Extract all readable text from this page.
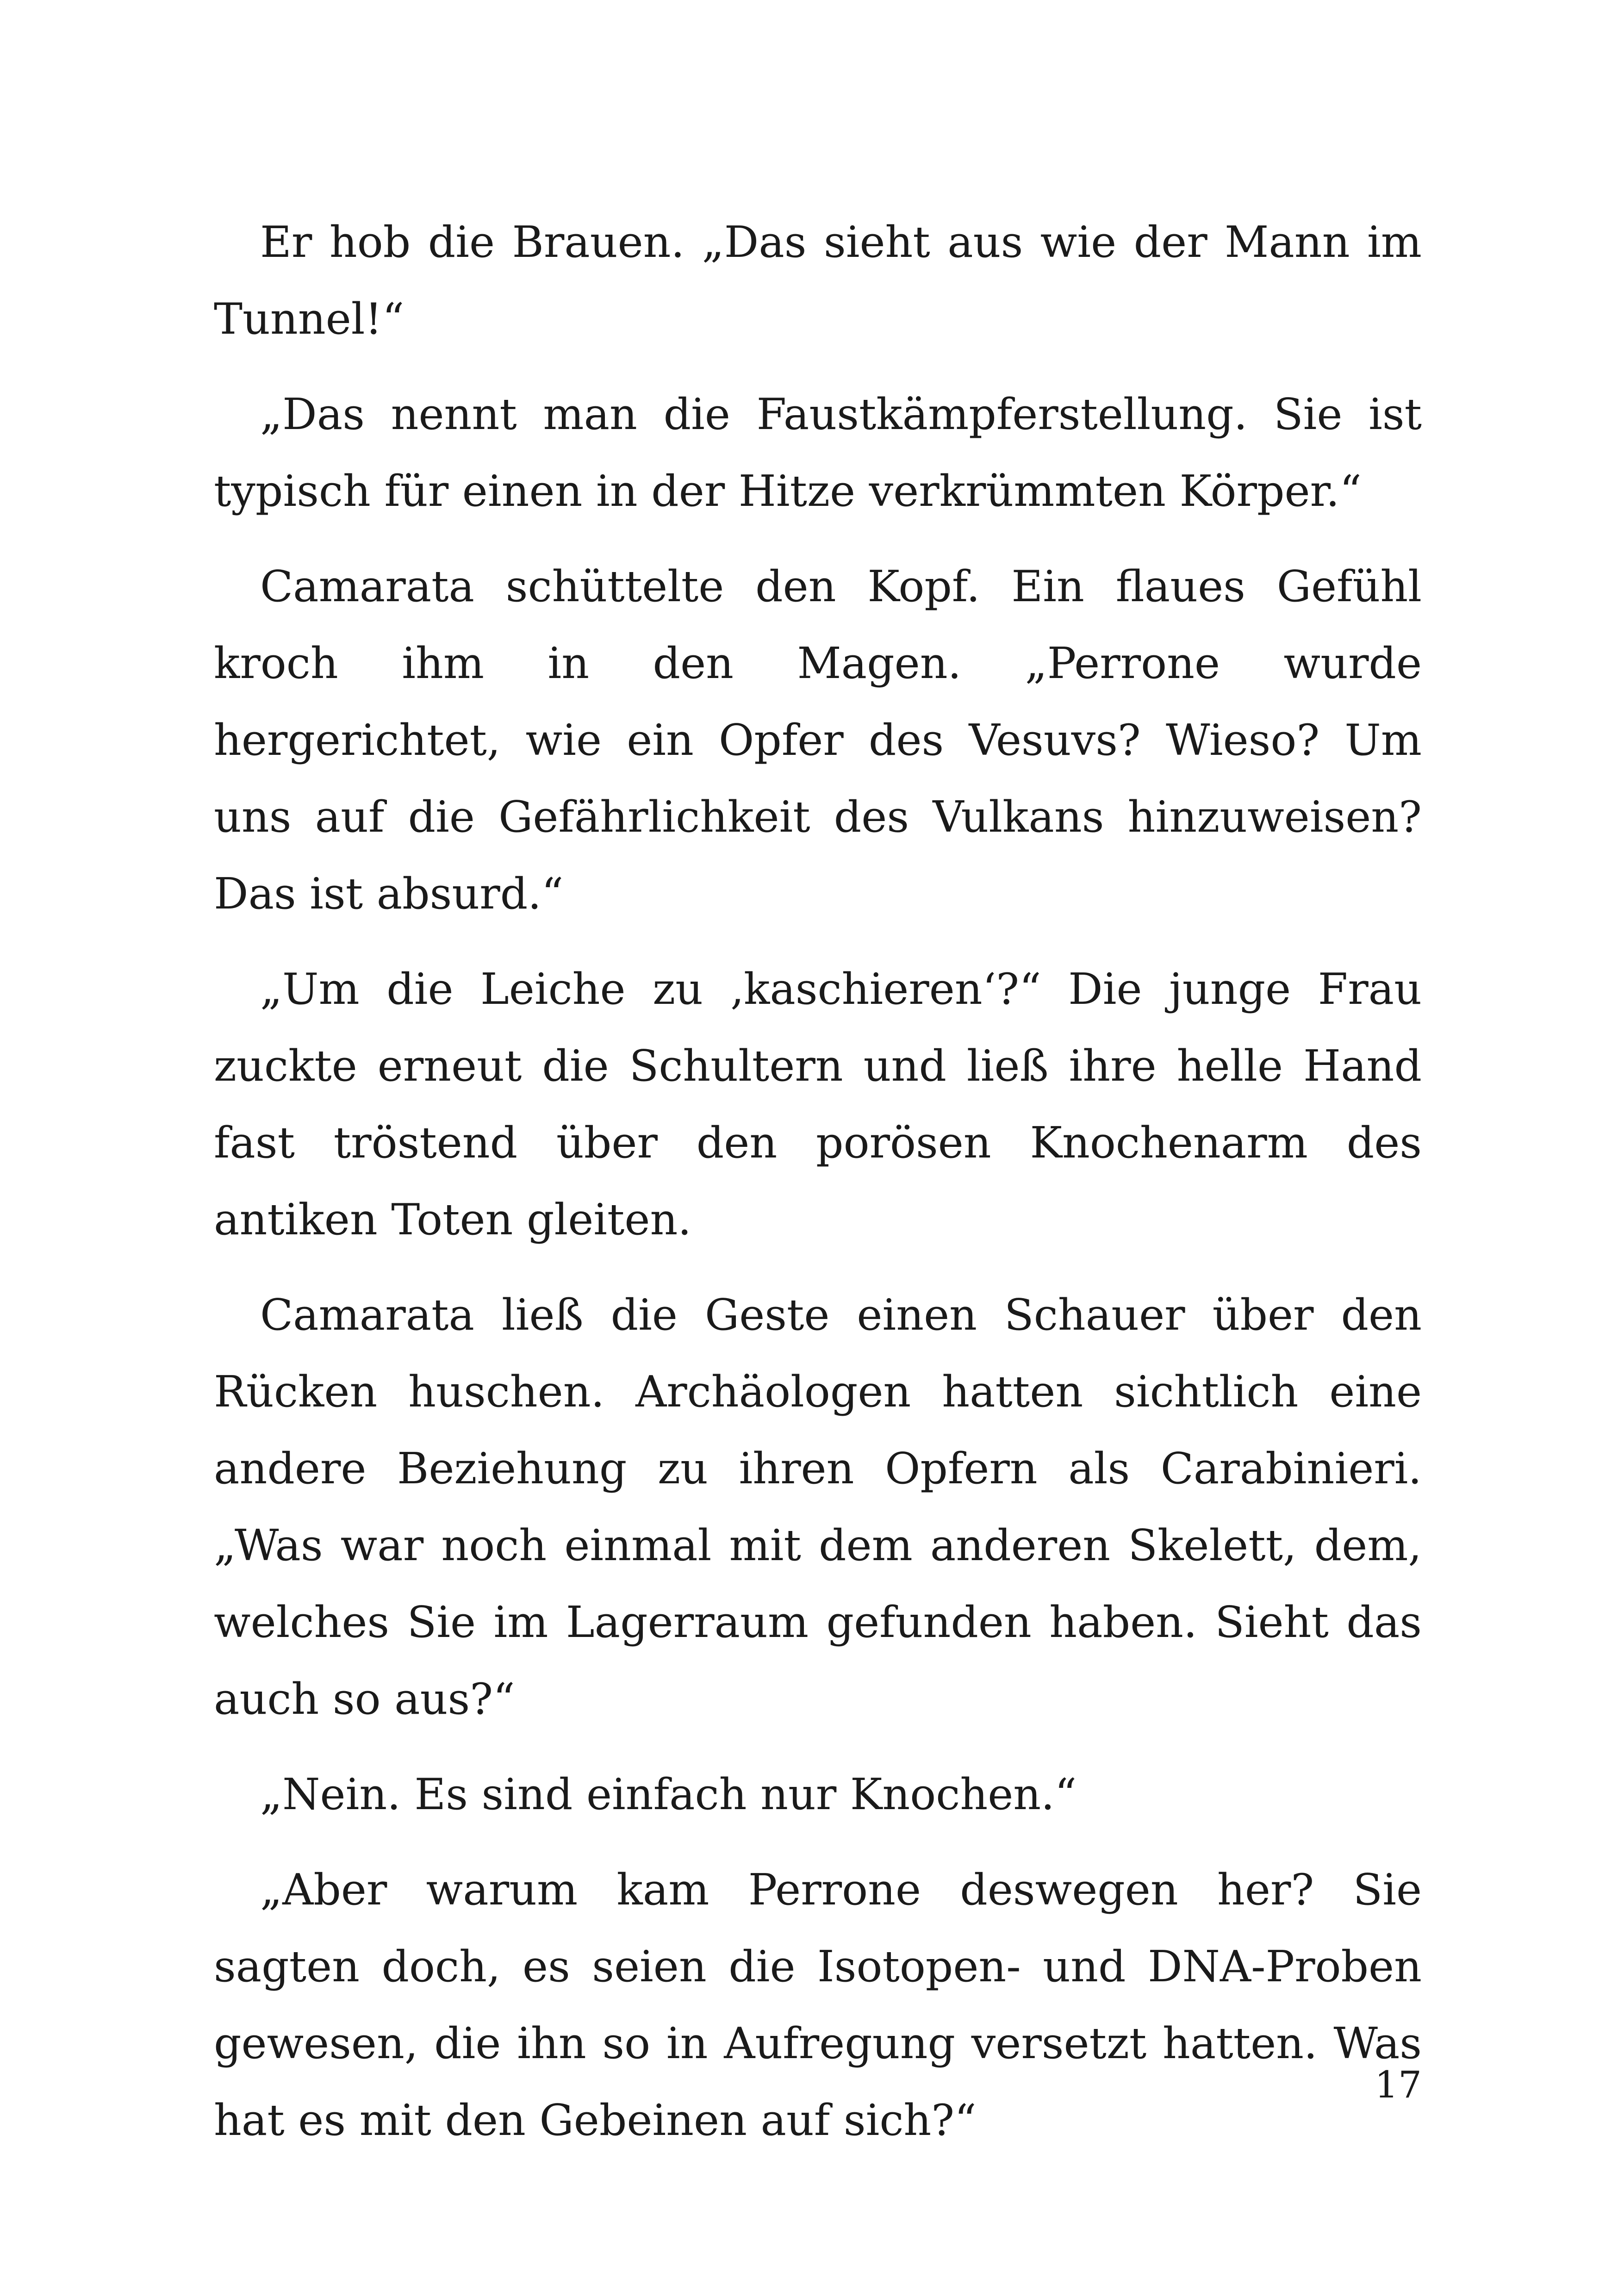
Er hob die Brauen. „Das sieht aus wie der Mann im Tunnel!“

„Das nennt man die Faustkämpferstellung. Sie ist typisch für einen in der Hitze verkrümmten Körper.“

Camarata schüttelte den Kopf. Ein flaues Gefühl kroch ihm in den Magen. „Perrone wurde hergerichtet, wie ein Opfer des Vesuvs? Wieso? Um uns auf die Gefährlichkeit des Vulkans hinzuweisen? Das ist absurd.“

„Um die Leiche zu ‚kaschieren‘?“ Die junge Frau zuckte erneut die Schultern und ließ ihre helle Hand fast tröstend über den porösen Knochenarm des antiken Toten gleiten.

Camarata ließ die Geste einen Schauer über den Rücken huschen. Archäologen hatten sichtlich eine andere Beziehung zu ihren Opfern als Carabinieri. „Was war noch einmal mit dem anderen Skelett, dem, welches Sie im Lagerraum gefunden haben. Sieht das auch so aus?“

„Nein. Es sind einfach nur Knochen.“

„Aber warum kam Perrone deswegen her? Sie sagten doch, es seien die Isotopen- und DNA-Proben gewesen, die ihn so in Aufregung versetzt hatten. Was hat es mit den Gebeinen auf sich?“

17
